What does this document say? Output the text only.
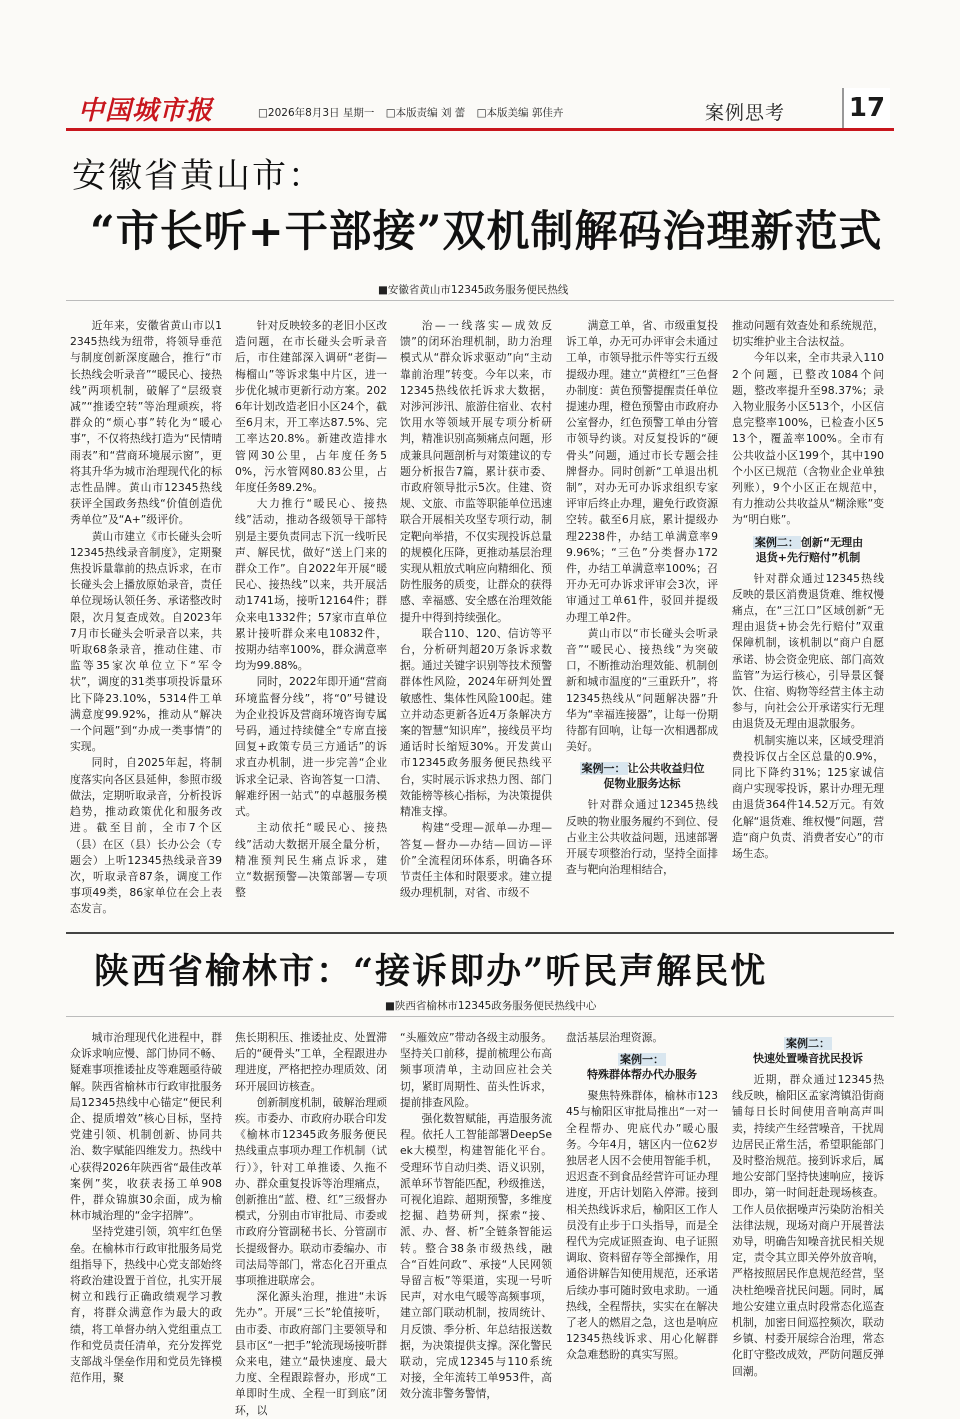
中国城市报	□2026年8月3日 星期一 □本版责编 刘 蕾 □本版美编 郭佳卉	案例思考 17
安徽省黄山市：
“市长听+干部接”双机制解码治理新范式
■安徽省黄山市12345政务服务便民热线

近年来，安徽省黄山市以12345热线为纽带，将领导垂范与制度创新深度融合，推行“市长热线会听录音”“暖民心、接热线”两项机制，破解了“层级衰减”“推诿空转”等治理顽疾，将群众的“烦心事”转化为“暖心事”，不仅将热线打造为“民情晴雨表”和“营商环境展示窗”，更将其升华为城市治理现代化的标志性品牌。黄山市12345热线获评全国政务热线“价值创造优秀单位”及“A+”级评价。

黄山市建立《市长碰头会听12345热线录音制度》，定期聚焦投诉量靠前的热点诉求，在市长碰头会上播放原始录音，责任单位现场认领任务、承诺整改时限，次月复查成效。自2023年7月市长碰头会听录音以来，共听取68条录音，推动住建、市监等35家次单位立下“军令状”，调度的31类事项投诉量环比下降23.10%，5314件工单满意度99.92%，推动从“解决一个问题”到“办成一类事情”的实现。

同时，自2025年起，将制度落实向各区县延伸，参照市级做法，定期听取录音，分析投诉趋势，推动政策优化和服务改进。截至目前，全市7个区（县）在区（县）长办公会（专题会）上听12345热线录音39次，听取录音87条，调度工作事项49类，86家单位在会上表态发言。

针对反映较多的老旧小区改造问题，在市长碰头会听录音后，市住建部深入调研“老街—梅榴山”等诉求集中片区，进一步优化城市更新行动方案。2026年计划改造老旧小区24个，截至6月末，开工率达87.5%、完工率达20.8%。新建改造排水管网30公里，占年度任务50%，污水管网80.83公里，占年度任务89.2%。

大力推行“暖民心、接热线”活动，推动各级领导干部特别是主要负责同志下沉一线听民声、解民忧，做好“送上门来的群众工作”。自2022年开展“暖民心、接热线”以来，共开展活动1741场，接听12164件；群众来电1332件；57家市直单位累计接听群众来电10832件，按期办结率100%，群众满意率均为99.88%。

同时，2022年即开通“营商环境监督分线”，将“0”号键设为企业投诉及营商环境咨询专属号码，通过持续健全“专席直接回复+政策专员三方通话”的诉求直办机制，进一步完善“企业诉求全记录、咨询答复一口清、解难纾困一站式”的卓越服务模式。

主动依托“暖民心、接热线”活动大数据开展全量分析，精准预判民生痛点诉求，建立“数据预警—决策部署—专项整

治—一线落实—成效反馈”的闭环治理机制，助力治理模式从“群众诉求驱动”向“主动靠前治理”转变。今年以来，市12345热线依托诉求大数据，对涉河涉汛、旅游住宿业、农村饮用水等领域开展专项分析研判，精准识别高频痛点问题，形成兼具问题剖析与对策建议的专题分析报告7篇，累计获市委、市政府领导批示5次。住建、资规、文旅、市监等职能单位迅速联合开展相关攻坚专项行动，制定靶向举措，不仅实现投诉总量的规模化压降，更推动基层治理实现从粗放式响应向精细化、预防性服务的质变，让群众的获得感、幸福感、安全感在治理效能提升中得到持续强化。

联合110、120、信访等平台，分析研判超20万条诉求数据。通过关键字识别等技术预警群体性风险，2024年研判处置敏感性、集体性风险100起。建立并动态更新各近4万条解决方案的智慧“知识库”，接线员平均通话时长缩短30%。开发黄山市12345政务服务便民热线平台，实时展示诉求热力图、部门效能榜等核心指标，为决策提供精准支撑。

构建“受理—派单—办理—答复—督办—办结—回访—评价”全流程闭环体系，明确各环节责任主体和时限要求。建立提级办理机制，对省、市级不

满意工单，省、市级重复投诉工单，办无可办评审会未通过工单，市领导批示件等实行五级提级办理。建立“黄橙红”三色督办制度：黄色预警提醒责任单位提速办理，橙色预警由市政府办公室督办，红色预警工单由分管市领导约谈。对反复投诉的“硬骨头”问题，通过市长专题会挂牌督办。同时创新“工单退出机制”，对办无可办诉求组织专家评审后终止办理，避免行政资源空转。截至6月底，累计提级办理2238件，办结工单满意率99.96%；“三色”分类督办172件，办结工单满意率100%；召开办无可办诉求评审会3次，评审通过工单61件，驳回并提级办理工单2件。

黄山市以“市长碰头会听录音”“暖民心、接热线”为突破口，不断推动治理效能、机制创新和城市温度的“三重跃升”，将12345热线从“问题解决器”升华为“幸福连接器”，让每一份期待都有回响，让每一次相遇都成美好。

案例一： 让公共收益归位
促物业服务达标

针对群众通过12345热线反映的物业服务履约不到位、侵占业主公共收益问题，迅速部署开展专项整治行动，坚持全面排查与靶向治理相结合，

推动问题有效查处和系统规范，切实维护业主合法权益。

今年以来，全市共录入1102个问题，已整改1084个问题，整改率提升至98.37%；录入物业服务小区513个，小区信息完整率100%，已检查小区513个，覆盖率100%。全市有公共收益小区199个，其中190个小区已规范（含物业企业单独列账），9个小区正在规范中，有力推动公共收益从“糊涂账”变为“明白账”。

案例二： 创新“无理由
退货+先行赔付”机制

针对群众通过12345热线反映的景区消费退货难、维权慢痛点，在“三江口”区域创新“无理由退货+协会先行赔付”双重保障机制，该机制以“商户自愿承诺、协会资金兜底、部门高效监管”为运行核心，引导景区餐饮、住宿、购物等经营主体主动参与，向社会公开承诺实行无理由退货及无理由退款服务。

机制实施以来，区域受理消费投诉仅占全区总量的0.9%，同比下降约31%；125家诚信商户实现零投诉，累计办理无理由退货364件14.52万元。有效化解“退货难、维权慢”问题，营造“商户负责、消费者安心”的市场生态。

陕西省榆林市：“接诉即办”听民声解民忧
■陕西省榆林市12345政务服务便民热线中心

城市治理现代化进程中，群众诉求响应慢、部门协同不畅、疑难事项推诿扯皮等难题亟待破解。陕西省榆林市行政审批服务局12345热线中心锚定“便民利企、提质增效”核心目标，坚持党建引领、机制创新、协同共治、数字赋能四维发力。热线中心获得2026年陕西省“最佳改革案例”奖，收获表扬工单908件，群众锦旗30余面，成为榆林市城治理的“金字招牌”。

坚持党建引领，筑牢红色堡垒。在榆林市行政审批服务局党组指导下，热线中心党支部始终将政治建设置于首位，扎实开展树立和践行正确政绩观学习教育，将群众满意作为最大的政绩，将工单督办纳入党组重点工作和党员责任清单，充分发挥党支部战斗堡垒作用和党员先锋模范作用，聚

焦长期积压、推诿扯皮、处置滞后的“硬骨头”工单，全程跟进办理进度，严格把控办理质效、闭环开展回访核查。

创新制度机制，破解治理顽疾。市委办、市政府办联合印发《榆林市12345政务服务便民热线重点事项办理工作机制（试行）》，针对工单推诿、久拖不办、群众重复投诉等治理痛点，创新推出“蓝、橙、红”三级督办模式，分别由市审批局、市委或市政府分管副秘书长、分管副市长提级督办。联动市委编办、市司法局等部门，常态化召开重点事项推进联席会。

深化源头治理，推进“未诉先办”。开展“三长”轮值接听，由市委、市政府部门主要领导和县市区“一把手”轮流现场接听群众来电，建立“最快速度、最大力度、全程跟踪督办，形成“工单即时生成、全程一盯到底”闭环，以

“头雁效应”带动各级主动服务。坚持关口前移，提前梳理公布高频事项清单，主动回应社会关切，紧盯周期性、苗头性诉求，提前排查风险。

强化数智赋能，再造服务流程。依托人工智能部署DeepSeek大模型，构建智能化平台。受理环节自动归类、语义识别，派单环节智能匹配，秒级推送，可视化追踪、超期预警，多维度挖掘、趋势研判，探索“接、派、办、督、析”全链条智能运转。整合38条市级热线，融合“百姓问政”、承接“人民网领导留言板”等渠道，实现一号听民声，对水电气暖等高频事项，建立部门联动机制，按周统计、月反馈、季分析、年总结报送数据，为决策提供支撑。深化警民联动，完成12345与110系统对接，全年流转工单953件，高效分流非警务警情，

盘活基层治理资源。

案例一：
特殊群体帮办代办服务

聚焦特殊群体，榆林市12345与榆阳区审批局推出“一对一全程帮办、兜底代办”暖心服务。今年4月，辖区内一位62岁独居老人因不会使用智能手机，迟迟查不到食品经营许可证办理进度，开店计划陷入停滞。接到相关热线诉求后，榆阳区工作人员没有止步于口头指导，而是全程代为完成证照查询、电子证照调取、资料留存等全部操作，用通俗讲解告知使用规范，还承诺后续办事可随时致电求助。一通热线，全程帮扶，实实在在解决了老人的燃眉之急，这也是响应12345热线诉求、用心化解群众急难愁盼的真实写照。

案例二：
快速处置噪音扰民投诉

近期，群众通过12345热线反映，榆阳区孟家湾镇沿街商铺每日长时间使用音响高声叫卖，持续产生经营噪音，干扰周边居民正常生活，希望职能部门及时整治规范。接到诉求后，属地公安部门坚持快速响应，接诉即办，第一时间赶赴现场核查。工作人员依据噪声污染防治相关法律法规，现场对商户开展普法劝导，明确告知噪音扰民相关规定，责令其立即关停外放音响，严格按照居民作息规范经营，坚决杜绝噪音扰民问题。同时，属地公安建立重点时段常态化巡查机制，加密日间巡控频次，联动乡镇、村委开展综合治理，常态化盯守整改成效，严防问题反弹回潮。
